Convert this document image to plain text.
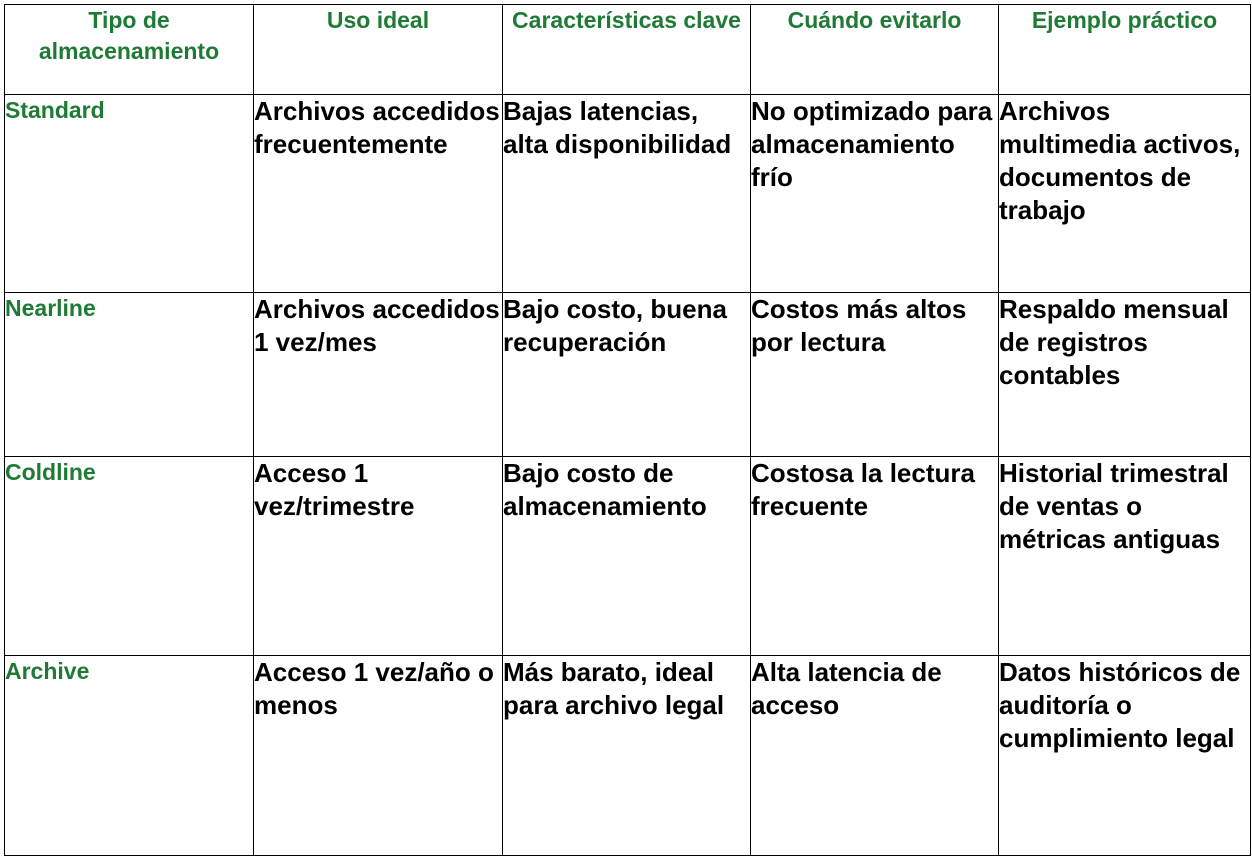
Tipo de almacenamiento	Uso ideal	Características clave	Cuándo evitarlo	Ejemplo práctico

Standard	Archivos accedidos frecuentemente	Bajas latencias, alta disponibilidad	No optimizado para almacenamiento frío	Archivos multimedia activos, documentos de trabajo

Nearline	Archivos accedidos 1 vez/mes	Bajo costo, buena recuperación	Costos más altos por lectura	Respaldo mensual de registros contables

Coldline	Acceso 1 vez/trimestre	Bajo costo de almacenamiento	Costosa la lectura frecuente	Historial trimestral de ventas o métricas antiguas

Archive	Acceso 1 vez/año o menos	Más barato, ideal para archivo legal	Alta latencia de acceso	Datos históricos de auditoría o cumplimiento legal
